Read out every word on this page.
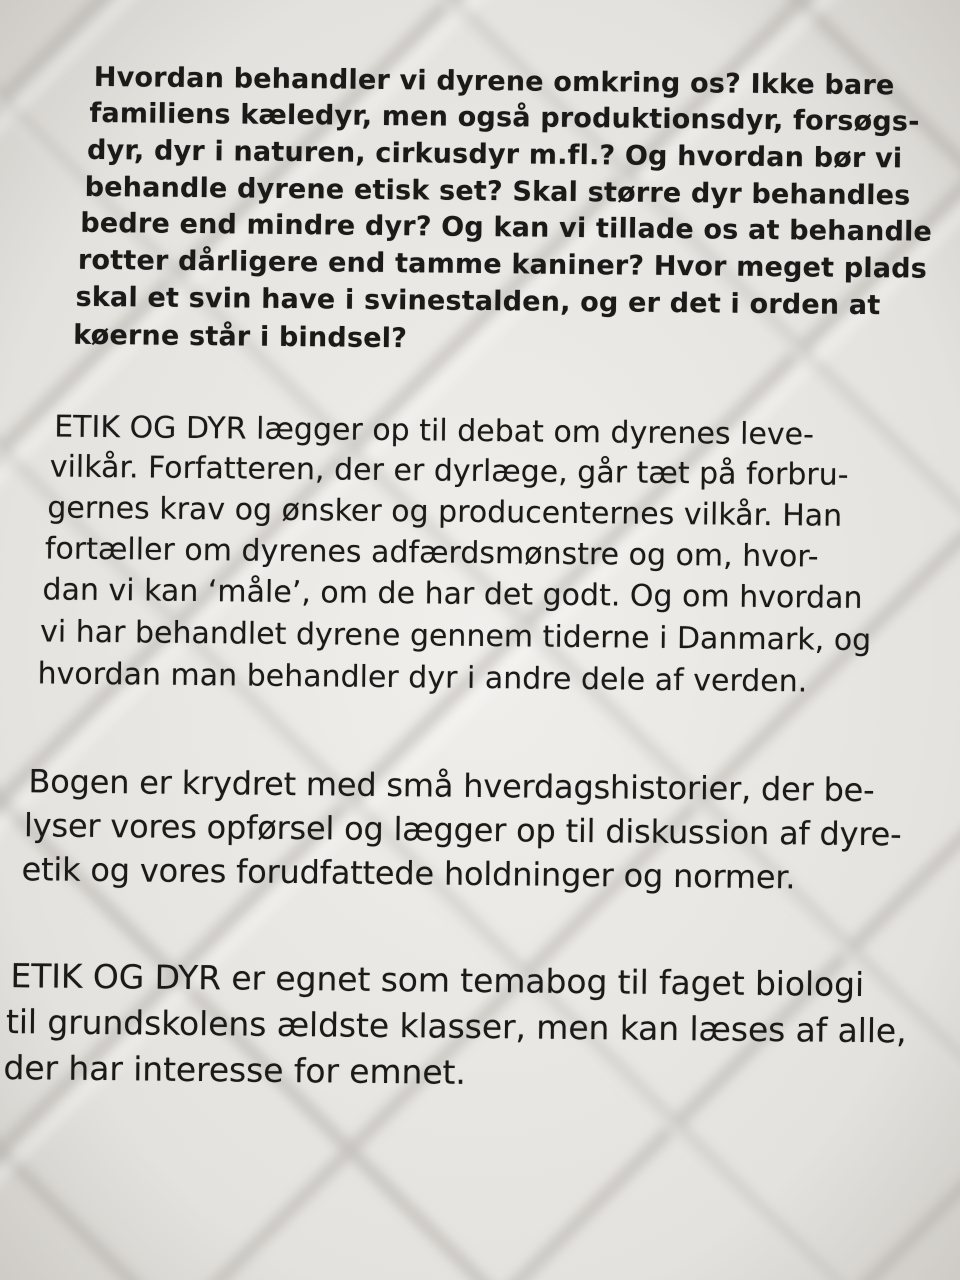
Hvordan behandler vi dyrene omkring os? Ikke bare

familiens kæledyr, men også produktionsdyr, forsøgs-

dyr, dyr i naturen, cirkusdyr m.fl.? Og hvordan bør vi

behandle dyrene etisk set? Skal større dyr behandles

bedre end mindre dyr? Og kan vi tillade os at behandle

rotter dårligere end tamme kaniner? Hvor meget plads

skal et svin have i svinestalden, og er det i orden at

køerne står i bindsel?

ETIK OG DYR lægger op til debat om dyrenes leve-

vilkår. Forfatteren, der er dyrlæge, går tæt på forbru-

gernes krav og ønsker og producenternes vilkår. Han

fortæller om dyrenes adfærdsmønstre og om, hvor-

dan vi kan ‘måle’, om de har det godt. Og om hvordan

vi har behandlet dyrene gennem tiderne i Danmark, og

hvordan man behandler dyr i andre dele af verden.

Bogen er krydret med små hverdagshistorier, der be-

lyser vores opførsel og lægger op til diskussion af dyre-

etik og vores forudfattede holdninger og normer.

ETIK OG DYR er egnet som temabog til faget biologi

til grundskolens ældste klasser, men kan læses af alle,

der har interesse for emnet.
